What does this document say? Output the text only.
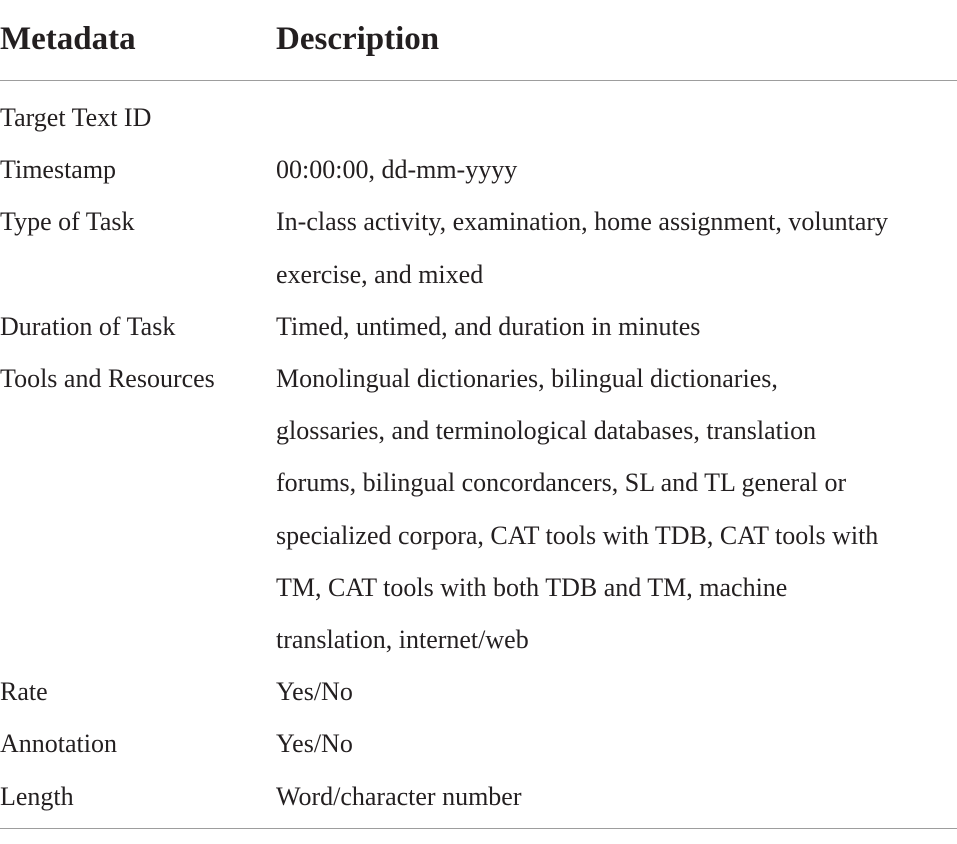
Metadata	Description
Target Text ID

Timestamp	00:00:00, dd-mm-yyyy
Type of Task	In-class activity, examination, home assignment, voluntary
exercise, and mixed
Duration of Task	Timed, untimed, and duration in minutes
Tools and Resources	Monolingual dictionaries, bilingual dictionaries,
glossaries, and terminological databases, translation
forums, bilingual concordancers, SL and TL general or
specialized corpora, CAT tools with TDB, CAT tools with
TM, CAT tools with both TDB and TM, machine
translation, internet/web
Rate	Yes/No
Annotation	Yes/No
Length	Word/character number
